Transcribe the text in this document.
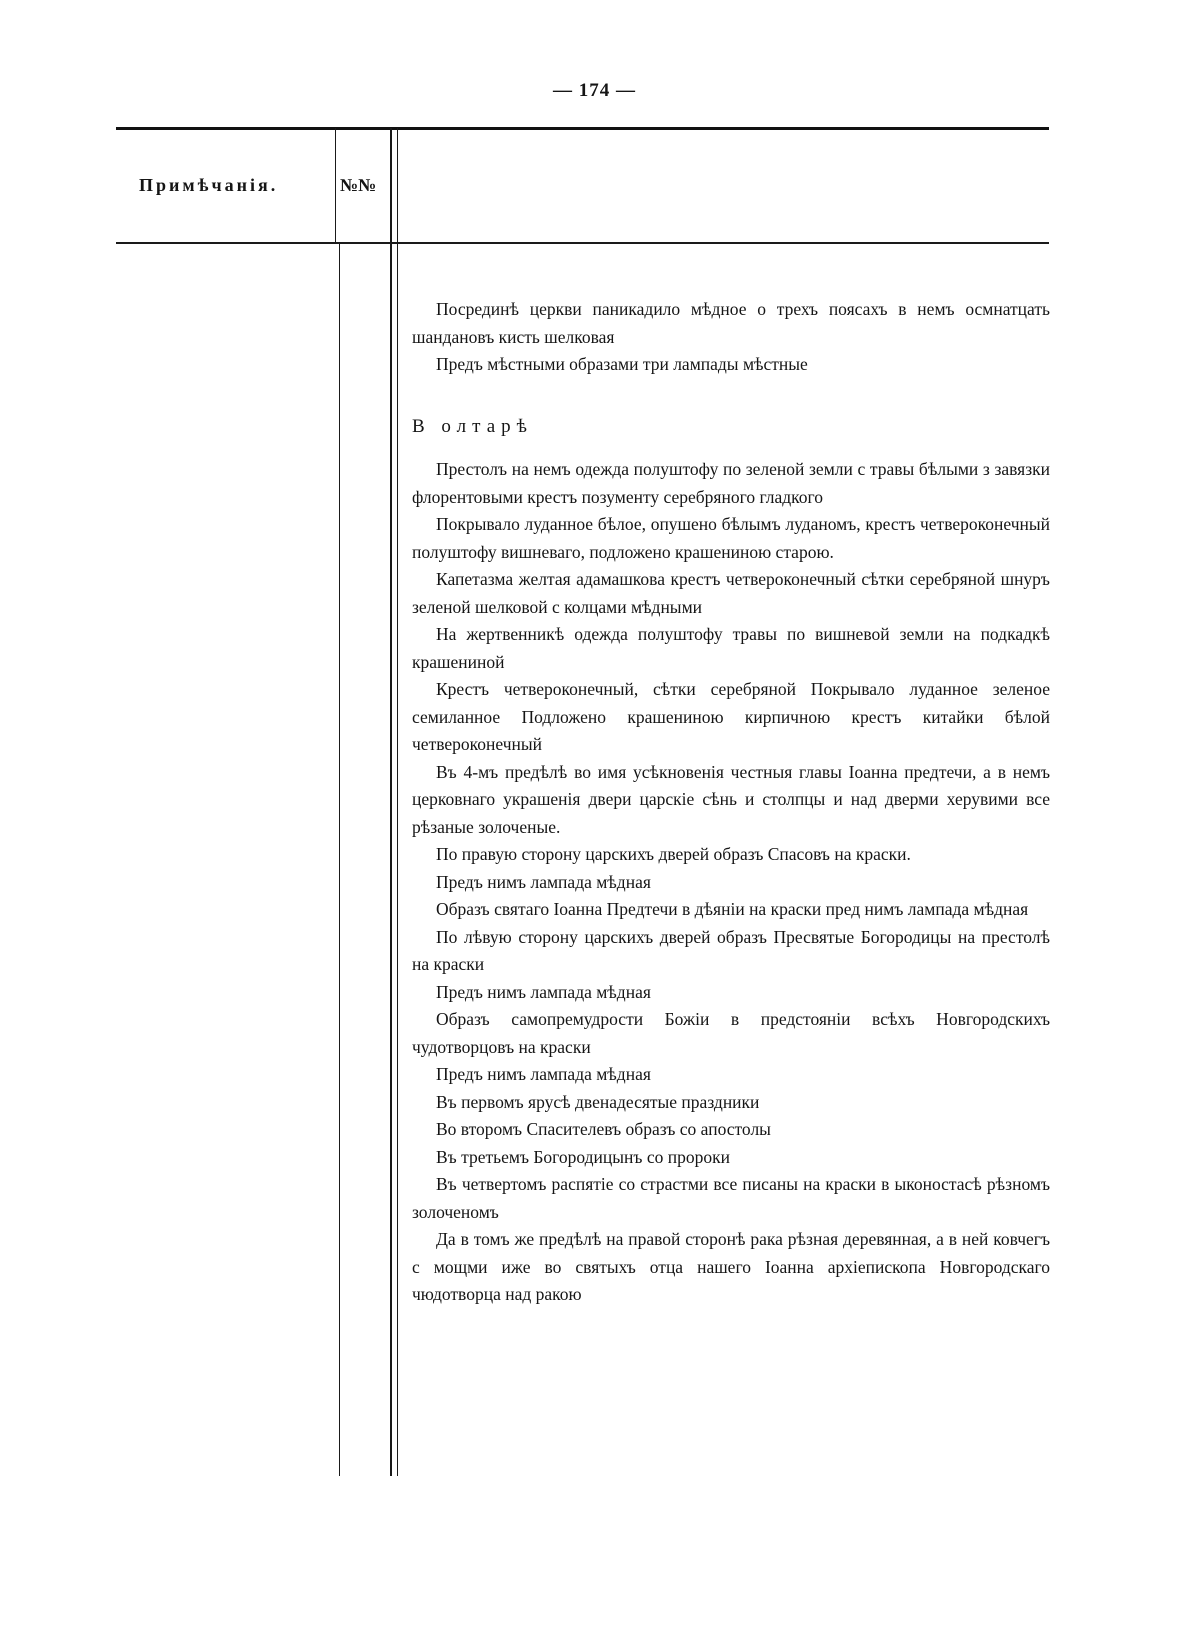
— 174 —
Примѣчанія.	№№

Посрединѣ церкви паникадило мѣдное о трехъ поясахъ в немъ осмнатцать шандановъ кисть шелковая

Предъ мѣстными образами три лампады мѣстные

В олтарѣ

Престолъ на немъ одежда полуштофу по зеленой земли с травы бѣлыми з завязки флорентовыми крестъ позументу серебряного гладкого

Покрывало луданное бѣлое, опушено бѣлымъ луданомъ, крестъ четвероконечный полуштофу вишневаго, подложено крашениною старою.

Капетазма желтая адамашкова крестъ четвероконечный сѣтки серебряной шнуръ зеленой шелковой с колцами мѣдными

На жертвенникѣ одежда полуштофу травы по вишневой земли на подкадкѣ крашениной

Крестъ четвероконечный, сѣтки серебряной Покрывало луданное зеленое семиланное Подложено крашениною кирпичною крестъ китайки бѣлой четвероконечный

Въ 4-мъ предѣлѣ во имя усѣкновенія честныя главы Іоанна предтечи, а в немъ церковнаго украшенія двери царскіе сѣнь и столпцы и над дверми херувими все рѣзаные золоченые.

По правую сторону царскихъ дверей образъ Спасовъ на краски.

Предъ нимъ лампада мѣдная

Образъ святаго Іоанна Предтечи в дѣяніи на краски пред нимъ лампада мѣдная

По лѣвую сторону царскихъ дверей образъ Пресвятые Богородицы на престолѣ на краски

Предъ нимъ лампада мѣдная

Образъ самопремудрости Божіи в предстояніи всѣхъ Новгородскихъ чудотворцовъ на краски

Предъ нимъ лампада мѣдная

Въ первомъ ярусѣ двенадесятые праздники

Во второмъ Спасителевъ образъ со апостолы

Въ третьемъ Богородицынъ со пророки

Въ четвертомъ распятіе со страстми все писаны на краски в ыконостасѣ рѣзномъ золоченомъ

Да в томъ же предѣлѣ на правой сторонѣ рака рѣзная деревянная, а в ней ковчегъ с мощми иже во святыхъ отца нашего Іоанна архіепископа Новгородскаго чюдотворца над ракою
